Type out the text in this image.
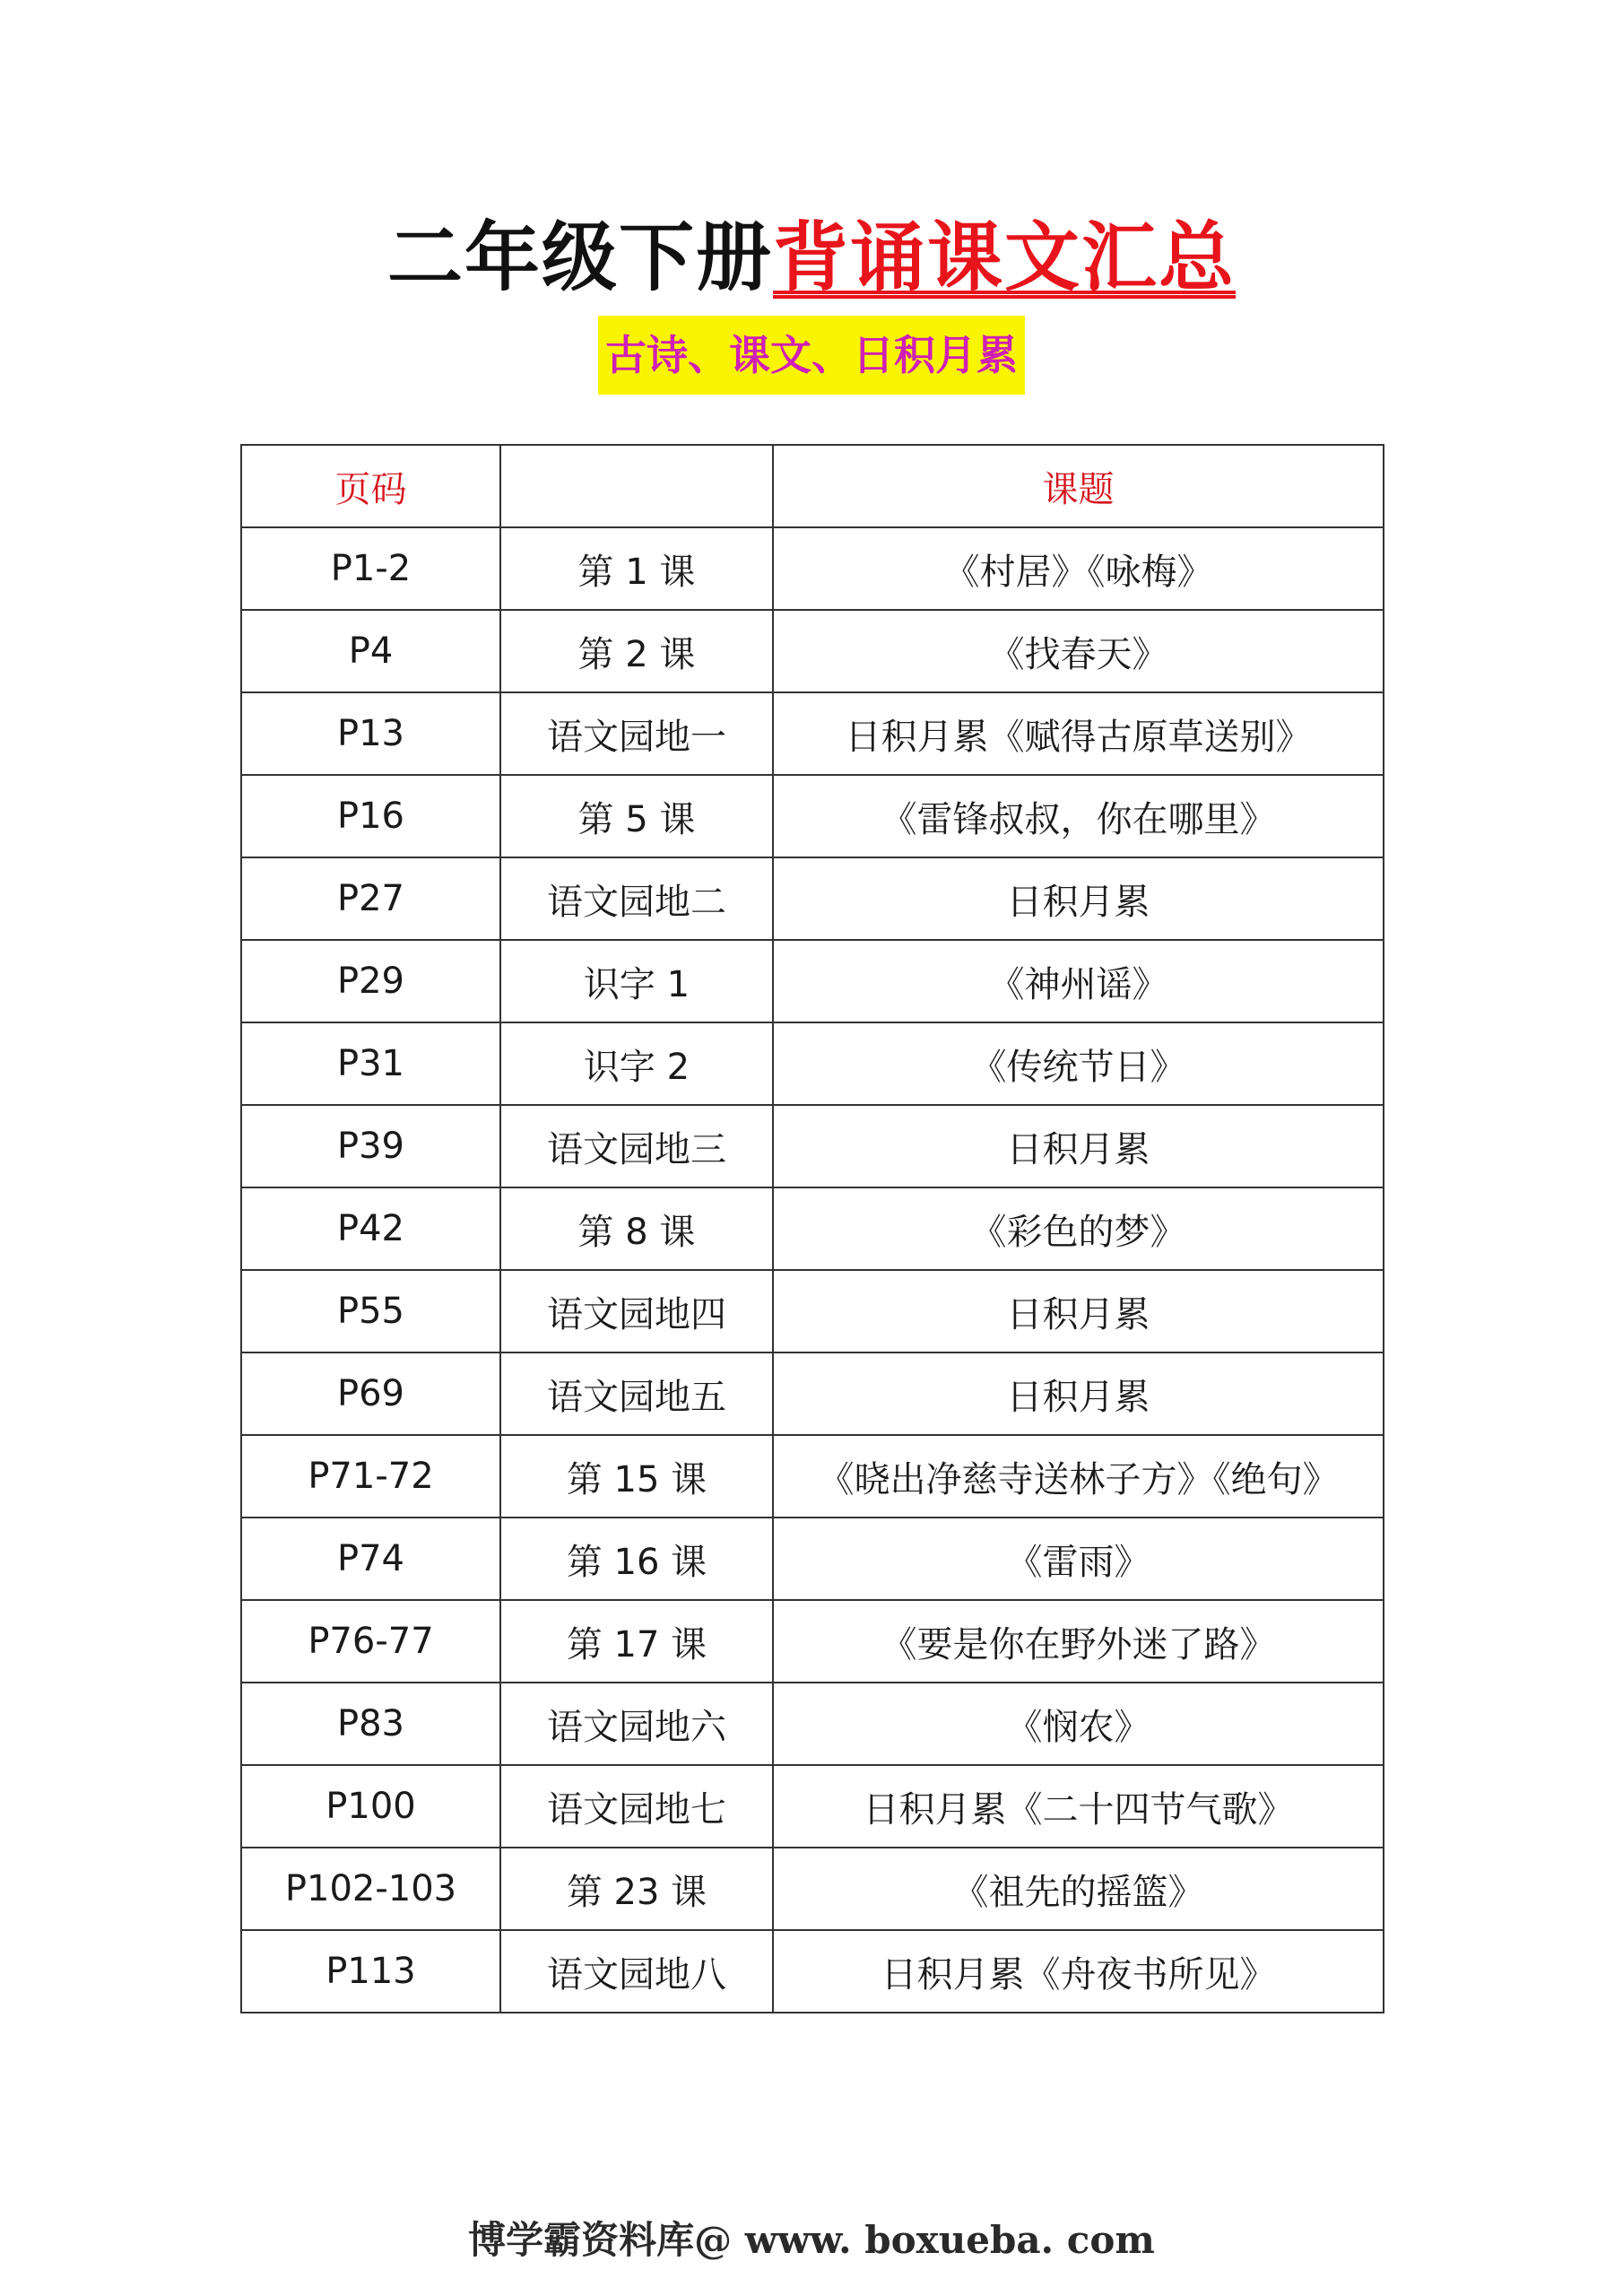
二年级下册背诵课文汇总
古诗、课文、日积月累
页码		课题
P1-2	第 1 课	《村居》《咏梅》
P4	第 2 课	《找春天》
P13	语文园地一	日积月累《赋得古原草送别》
P16	第 5 课	《雷锋叔叔，你在哪里》
P27	语文园地二	日积月累
P29	识字 1	《神州谣》
P31	识字 2	《传统节日》
P39	语文园地三	日积月累
P42	第 8 课	《彩色的梦》
P55	语文园地四	日积月累
P69	语文园地五	日积月累
P71-72	第 15 课	《晓出净慈寺送林子方》《绝句》
P74	第 16 课	《雷雨》
P76-77	第 17 课	《要是你在野外迷了路》
P83	语文园地六	《悯农》
P100	语文园地七	日积月累《二十四节气歌》
P102-103	第 23 课	《祖先的摇篮》
P113	语文园地八	日积月累《舟夜书所见》
博学霸资料库@ www. boxueba. com
